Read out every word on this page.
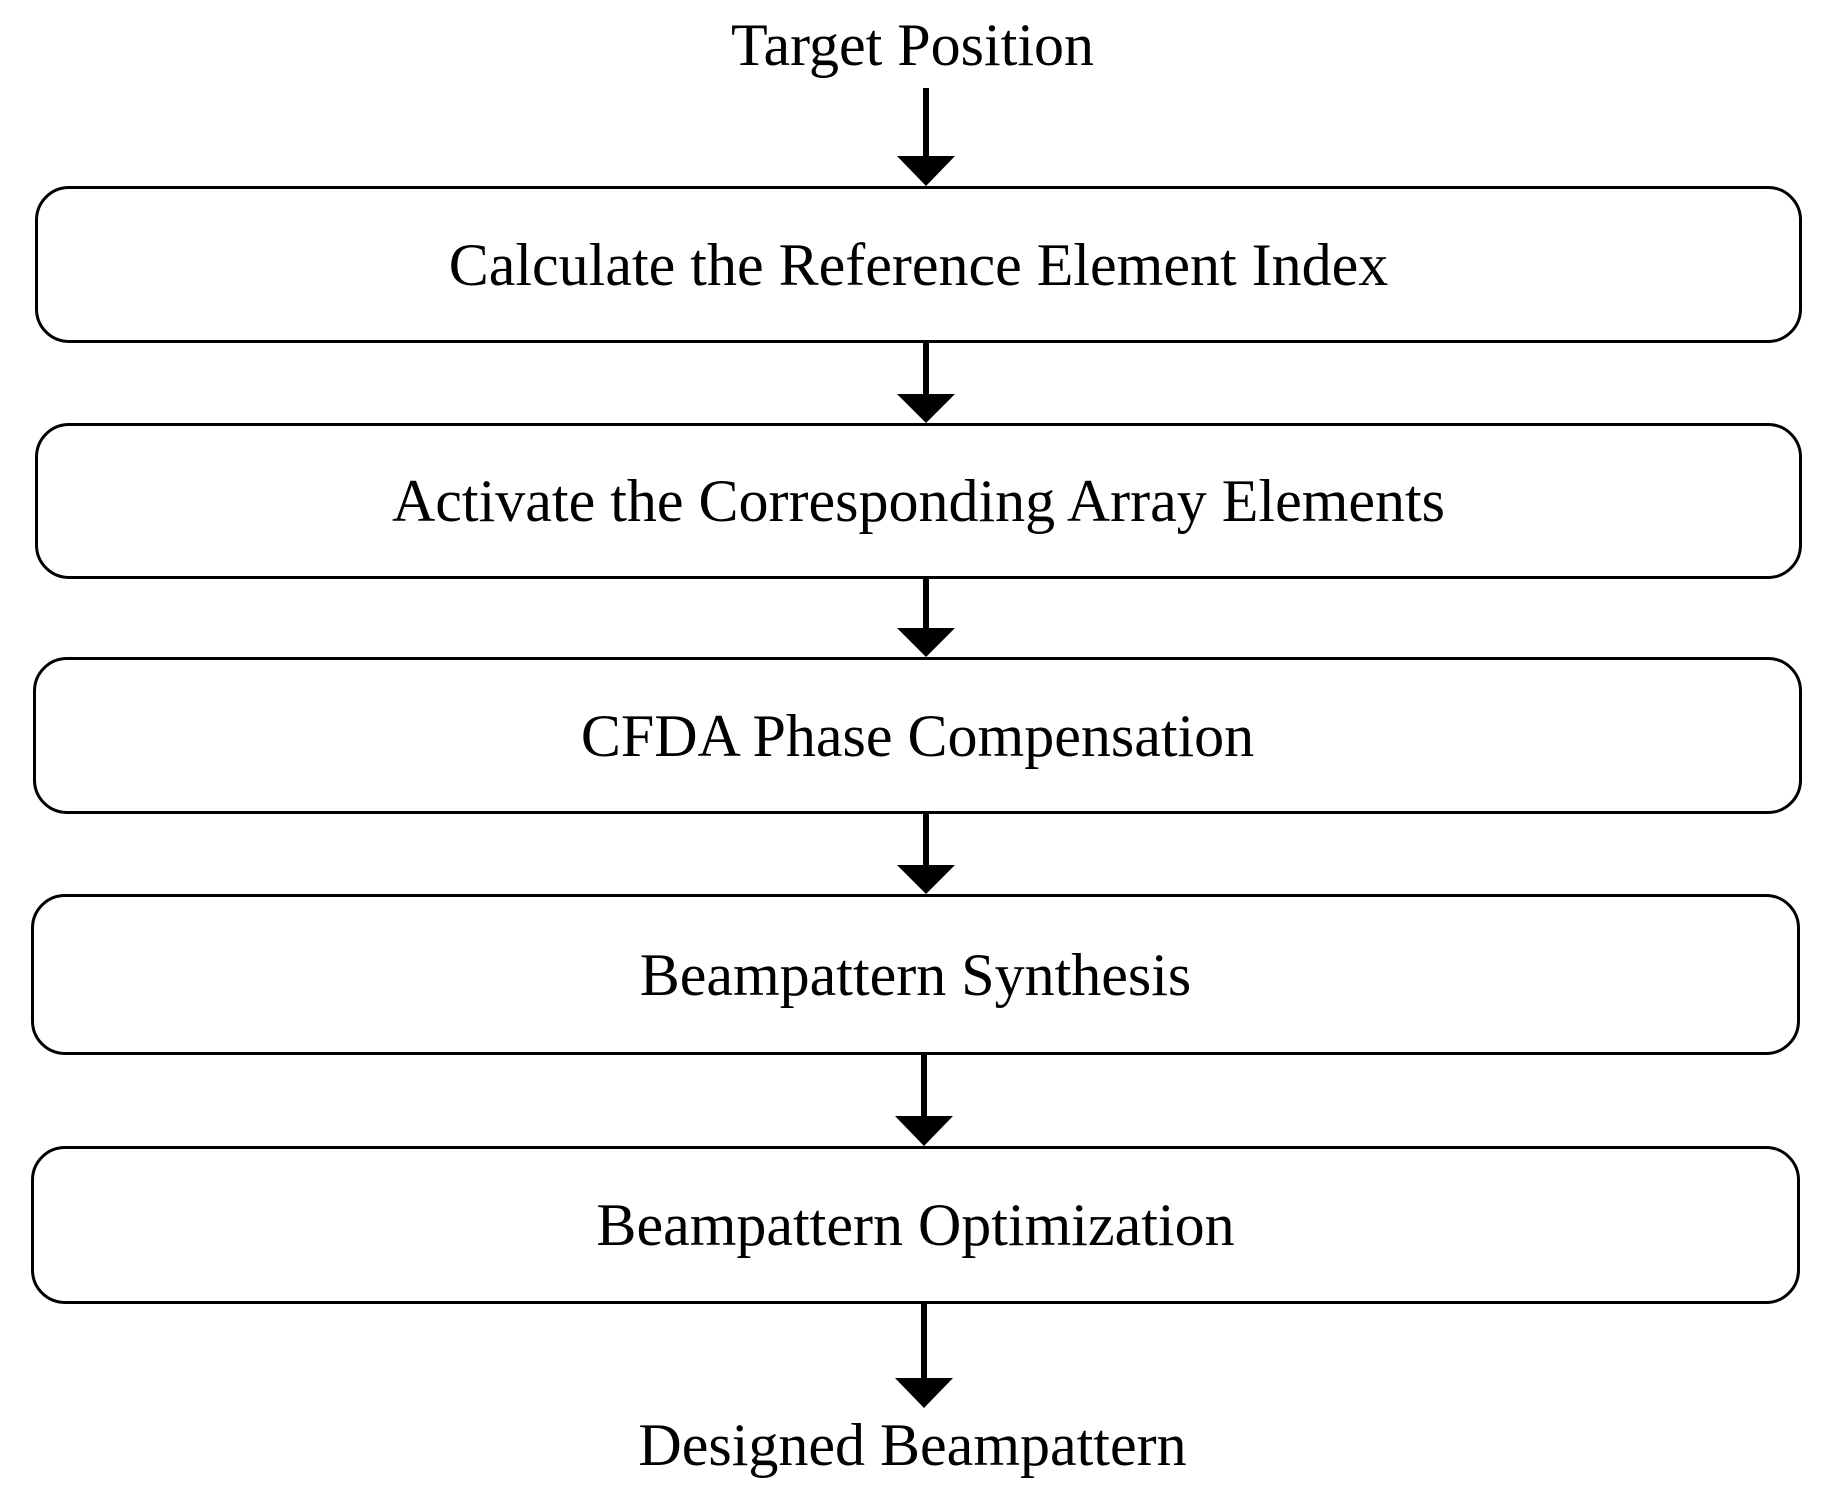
Target Position
Calculate the Reference Element Index
Activate the Corresponding Array Elements
CFDA Phase Compensation
Beampattern Synthesis
Beampattern Optimization
Designed Beampattern
